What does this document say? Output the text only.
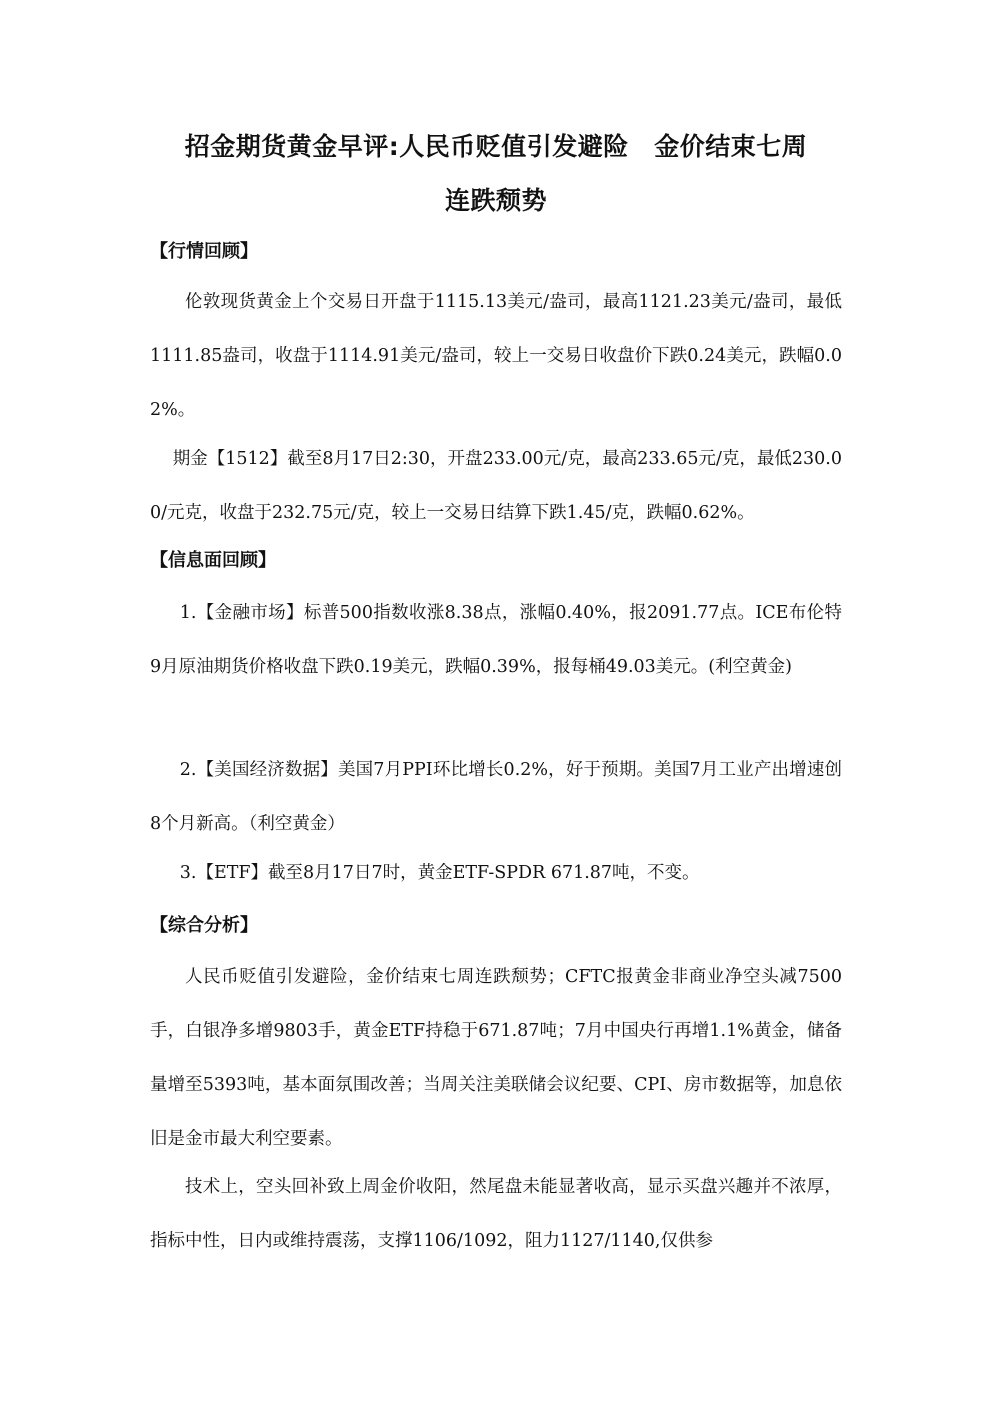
招金期货黄金早评:人民币贬值引发避险　金价结束七周
连跌颓势
【行情回顾】
伦敦现货黄金上个交易日开盘于1115.13美元/盎司，最高1121.23美元/盎司，最低1111.85盎司，收盘于1114.91美元/盎司，较上一交易日收盘价下跌0.24美元，跌幅0.02%。
期金【1512】截至8月17日2:30，开盘233.00元/克，最高233.65元/克，最低230.00/元克，收盘于232.75元/克，较上一交易日结算下跌1.45/克，跌幅0.62%。
【信息面回顾】
1.【金融市场】标普500指数收涨8.38点，涨幅0.40%，报2091.77点。ICE布伦特9月原油期货价格收盘下跌0.19美元，跌幅0.39%，报每桶49.03美元。(利空黄金)
2.【美国经济数据】美国7月PPI环比增长0.2%，好于预期。美国7月工业产出增速创8个月新高。（利空黄金）
3.【ETF】截至8月17日7时，黄金ETF-SPDR 671.87吨，不变。
【综合分析】
人民币贬值引发避险，金价结束七周连跌颓势；CFTC报黄金非商业净空头减7500手，白银净多增9803手，黄金ETF持稳于671.87吨；7月中国央行再增1.1%黄金，储备量增至5393吨，基本面氛围改善；当周关注美联储会议纪要、CPI、房市数据等，加息依旧是金市最大利空要素。
技术上，空头回补致上周金价收阳，然尾盘未能显著收高，显示买盘兴趣并不浓厚，指标中性，日内或维持震荡，支撑1106/1092，阻力1127/1140,仅供参
